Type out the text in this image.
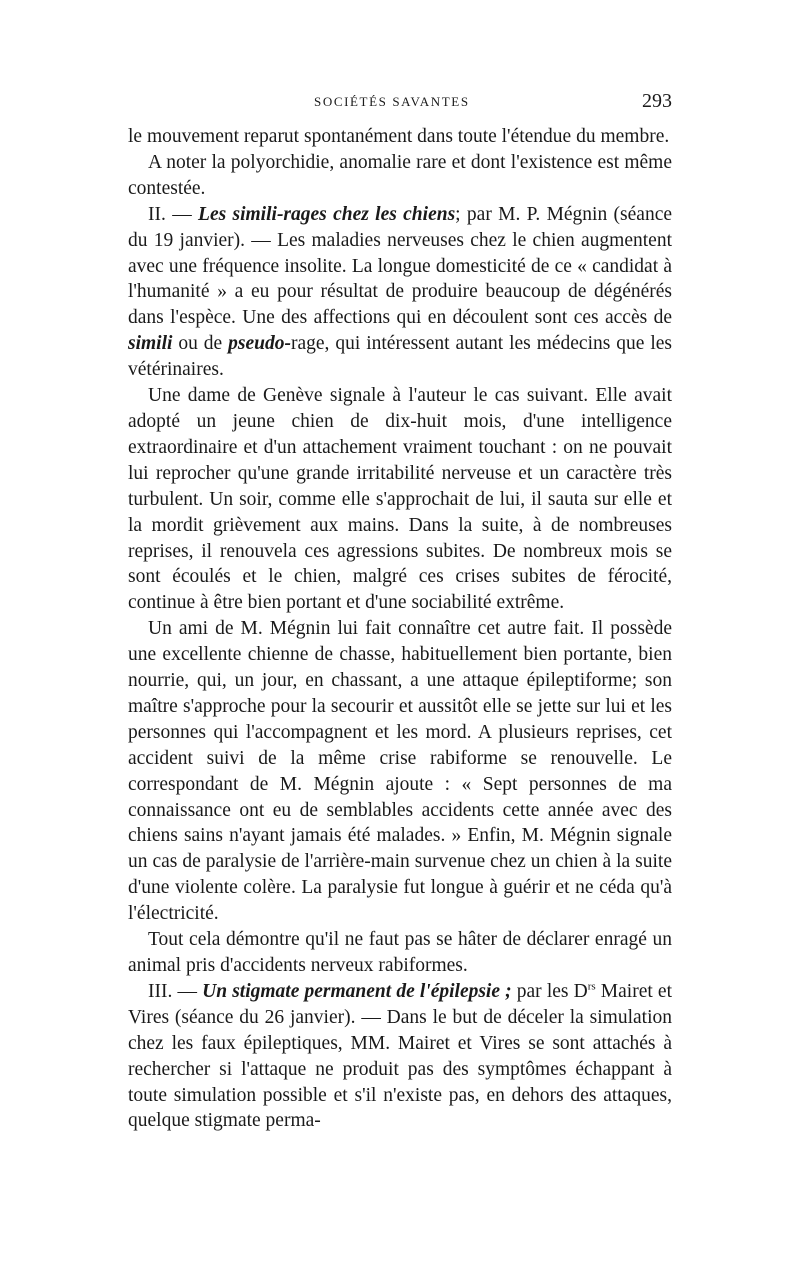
SOCIÉTÉS SAVANTES	293

le mouvement reparut spontanément dans toute l'étendue du membre.

A noter la polyorchidie, anomalie rare et dont l'existence est même contestée.

II. — Les simili-rages chez les chiens; par M. P. Mégnin (séance du 19 janvier). — Les maladies nerveuses chez le chien augmentent avec une fréquence insolite. La longue domesticité de ce « candidat à l'humanité » a eu pour résultat de produire beaucoup de dégénérés dans l'espèce. Une des affections qui en découlent sont ces accès de simili ou de pseudo-rage, qui intéressent autant les médecins que les vétérinaires.

Une dame de Genève signale à l'auteur le cas suivant. Elle avait adopté un jeune chien de dix-huit mois, d'une intelligence extraordinaire et d'un attachement vraiment touchant : on ne pouvait lui reprocher qu'une grande irritabilité nerveuse et un caractère très turbulent. Un soir, comme elle s'approchait de lui, il sauta sur elle et la mordit grièvement aux mains. Dans la suite, à de nombreuses reprises, il renouvela ces agressions subites. De nombreux mois se sont écoulés et le chien, malgré ces crises subites de férocité, continue à être bien portant et d'une sociabilité extrême.

Un ami de M. Mégnin lui fait connaître cet autre fait. Il possède une excellente chienne de chasse, habituellement bien portante, bien nourrie, qui, un jour, en chassant, a une attaque épileptiforme; son maître s'approche pour la secourir et aussitôt elle se jette sur lui et les personnes qui l'accompagnent et les mord. A plusieurs reprises, cet accident suivi de la même crise rabiforme se renouvelle. Le correspondant de M. Mégnin ajoute : « Sept personnes de ma connaissance ont eu de semblables accidents cette année avec des chiens sains n'ayant jamais été malades. » Enfin, M. Mégnin signale un cas de paralysie de l'arrière-main survenue chez un chien à la suite d'une violente colère. La paralysie fut longue à guérir et ne céda qu'à l'électricité.

Tout cela démontre qu'il ne faut pas se hâter de déclarer enragé un animal pris d'accidents nerveux rabiformes.

III. — Un stigmate permanent de l'épilepsie ; par les $D^{rs}$ Mairet et Vires (séance du 26 janvier). — Dans le but de déceler la simulation chez les faux épileptiques, MM. Mairet et Vires se sont attachés à rechercher si l'attaque ne produit pas des symptômes échappant à toute simulation possible et s'il n'existe pas, en dehors des attaques, quelque stigmate perma-
